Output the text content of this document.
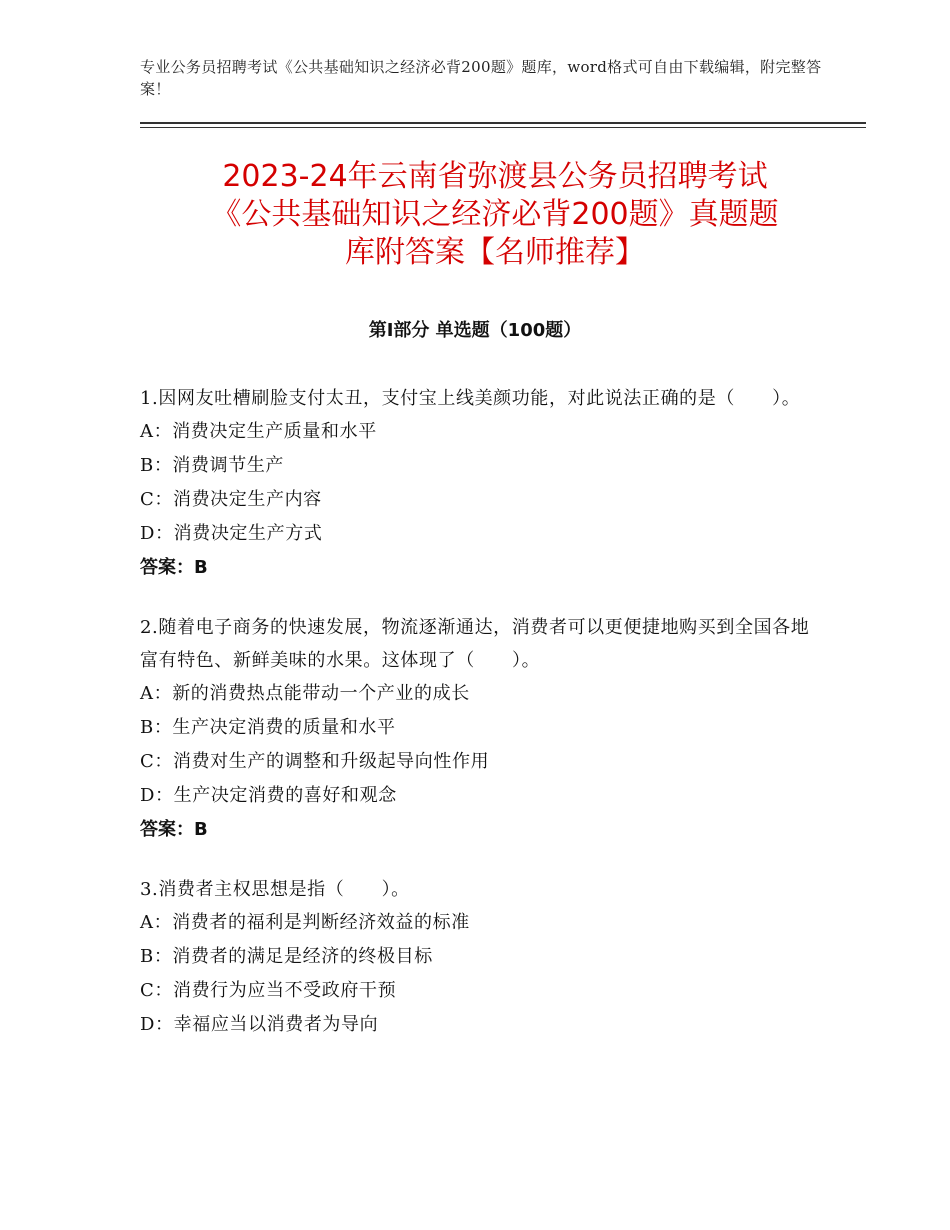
专业公务员招聘考试《公共基础知识之经济必背200题》题库，word格式可自由下载编辑，附完整答案！
2023-24年云南省弥渡县公务员招聘考试
《公共基础知识之经济必背200题》真题题
库附答案【名师推荐】
第Ⅰ部分 单选题（100题）
1.因网友吐槽刷脸支付太丑，支付宝上线美颜功能，对此说法正确的是（　　）。
A：消费决定生产质量和水平
B：消费调节生产
C：消费决定生产内容
D：消费决定生产方式
答案：B
2.随着电子商务的快速发展，物流逐渐通达，消费者可以更便捷地购买到全国各地富有特色、新鲜美味的水果。这体现了（　　）。
A：新的消费热点能带动一个产业的成长
B：生产决定消费的质量和水平
C：消费对生产的调整和升级起导向性作用
D：生产决定消费的喜好和观念
答案：B
3.消费者主权思想是指（　　）。
A：消费者的福利是判断经济效益的标准
B：消费者的满足是经济的终极目标
C：消费行为应当不受政府干预
D：幸福应当以消费者为导向
